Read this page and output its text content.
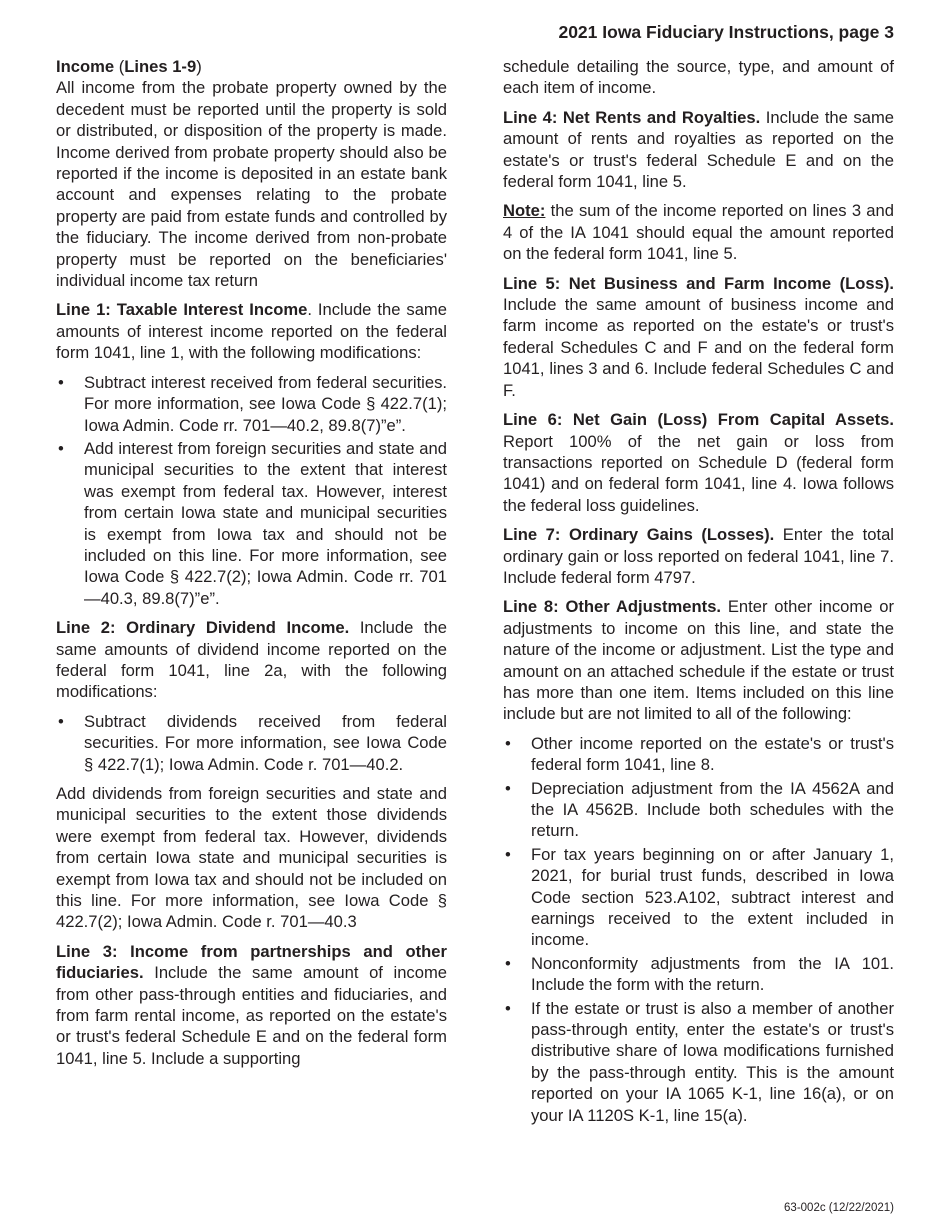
2021 Iowa Fiduciary Instructions, page 3

Income (Lines 1-9)
All income from the probate property owned by the decedent must be reported until the property is sold or distributed, or disposition of the property is made. Income derived from probate property should also be reported if the income is deposited in an estate bank account and expenses relating to the probate property are paid from estate funds and controlled by the fiduciary. The income derived from non-probate property must be reported on the beneficiaries' individual income tax return

Line 1: Taxable Interest Income. Include the same amounts of interest income reported on the federal form 1041, line 1, with the following modifications:

• Subtract interest received from federal securities. For more information, see Iowa Code § 422.7(1); Iowa Admin. Code rr. 701—40.2, 89.8(7)”e”.
• Add interest from foreign securities and state and municipal securities to the extent that interest was exempt from federal tax. However, interest from certain Iowa state and municipal securities is exempt from Iowa tax and should not be included on this line. For more information, see Iowa Code § 422.7(2); Iowa Admin. Code rr. 701—40.3, 89.8(7)”e”.

Line 2: Ordinary Dividend Income. Include the same amounts of dividend income reported on the federal form 1041, line 2a, with the following modifications:

• Subtract dividends received from federal securities. For more information, see Iowa Code § 422.7(1); Iowa Admin. Code r. 701—40.2.

Add dividends from foreign securities and state and municipal securities to the extent those dividends were exempt from federal tax. However, dividends from certain Iowa state and municipal securities is exempt from Iowa tax and should not be included on this line. For more information, see Iowa Code § 422.7(2); Iowa Admin. Code r. 701—40.3

Line 3: Income from partnerships and other fiduciaries. Include the same amount of income from other pass-through entities and fiduciaries, and from farm rental income, as reported on the estate's or trust's federal Schedule E and on the federal form 1041, line 5. Include a supporting

schedule detailing the source, type, and amount of each item of income.

Line 4: Net Rents and Royalties. Include the same amount of rents and royalties as reported on the estate's or trust's federal Schedule E and on the federal form 1041, line 5.

Note: the sum of the income reported on lines 3 and 4 of the IA 1041 should equal the amount reported on the federal form 1041, line 5.

Line 5: Net Business and Farm Income (Loss). Include the same amount of business income and farm income as reported on the estate's or trust's federal Schedules C and F and on the federal form 1041, lines 3 and 6. Include federal Schedules C and F.

Line 6: Net Gain (Loss) From Capital Assets. Report 100% of the net gain or loss from transactions reported on Schedule D (federal form 1041) and on federal form 1041, line 4. Iowa follows the federal loss guidelines.

Line 7: Ordinary Gains (Losses). Enter the total ordinary gain or loss reported on federal 1041, line 7. Include federal form 4797.

Line 8: Other Adjustments. Enter other income or adjustments to income on this line, and state the nature of the income or adjustment. List the type and amount on an attached schedule if the estate or trust has more than one item. Items included on this line include but are not limited to all of the following:

• Other income reported on the estate's or trust's federal form 1041, line 8.
• Depreciation adjustment from the IA 4562A and the IA 4562B. Include both schedules with the return.
• For tax years beginning on or after January 1, 2021, for burial trust funds, described in Iowa Code section 523.A102, subtract interest and earnings received to the extent included in income.
• Nonconformity adjustments from the IA 101. Include the form with the return.
• If the estate or trust is also a member of another pass-through entity, enter the estate's or trust's distributive share of Iowa modifications furnished by the pass-through entity. This is the amount reported on your IA 1065 K-1, line 16(a), or on your IA 1120S K-1, line 15(a).
63-002c (12/22/2021)
